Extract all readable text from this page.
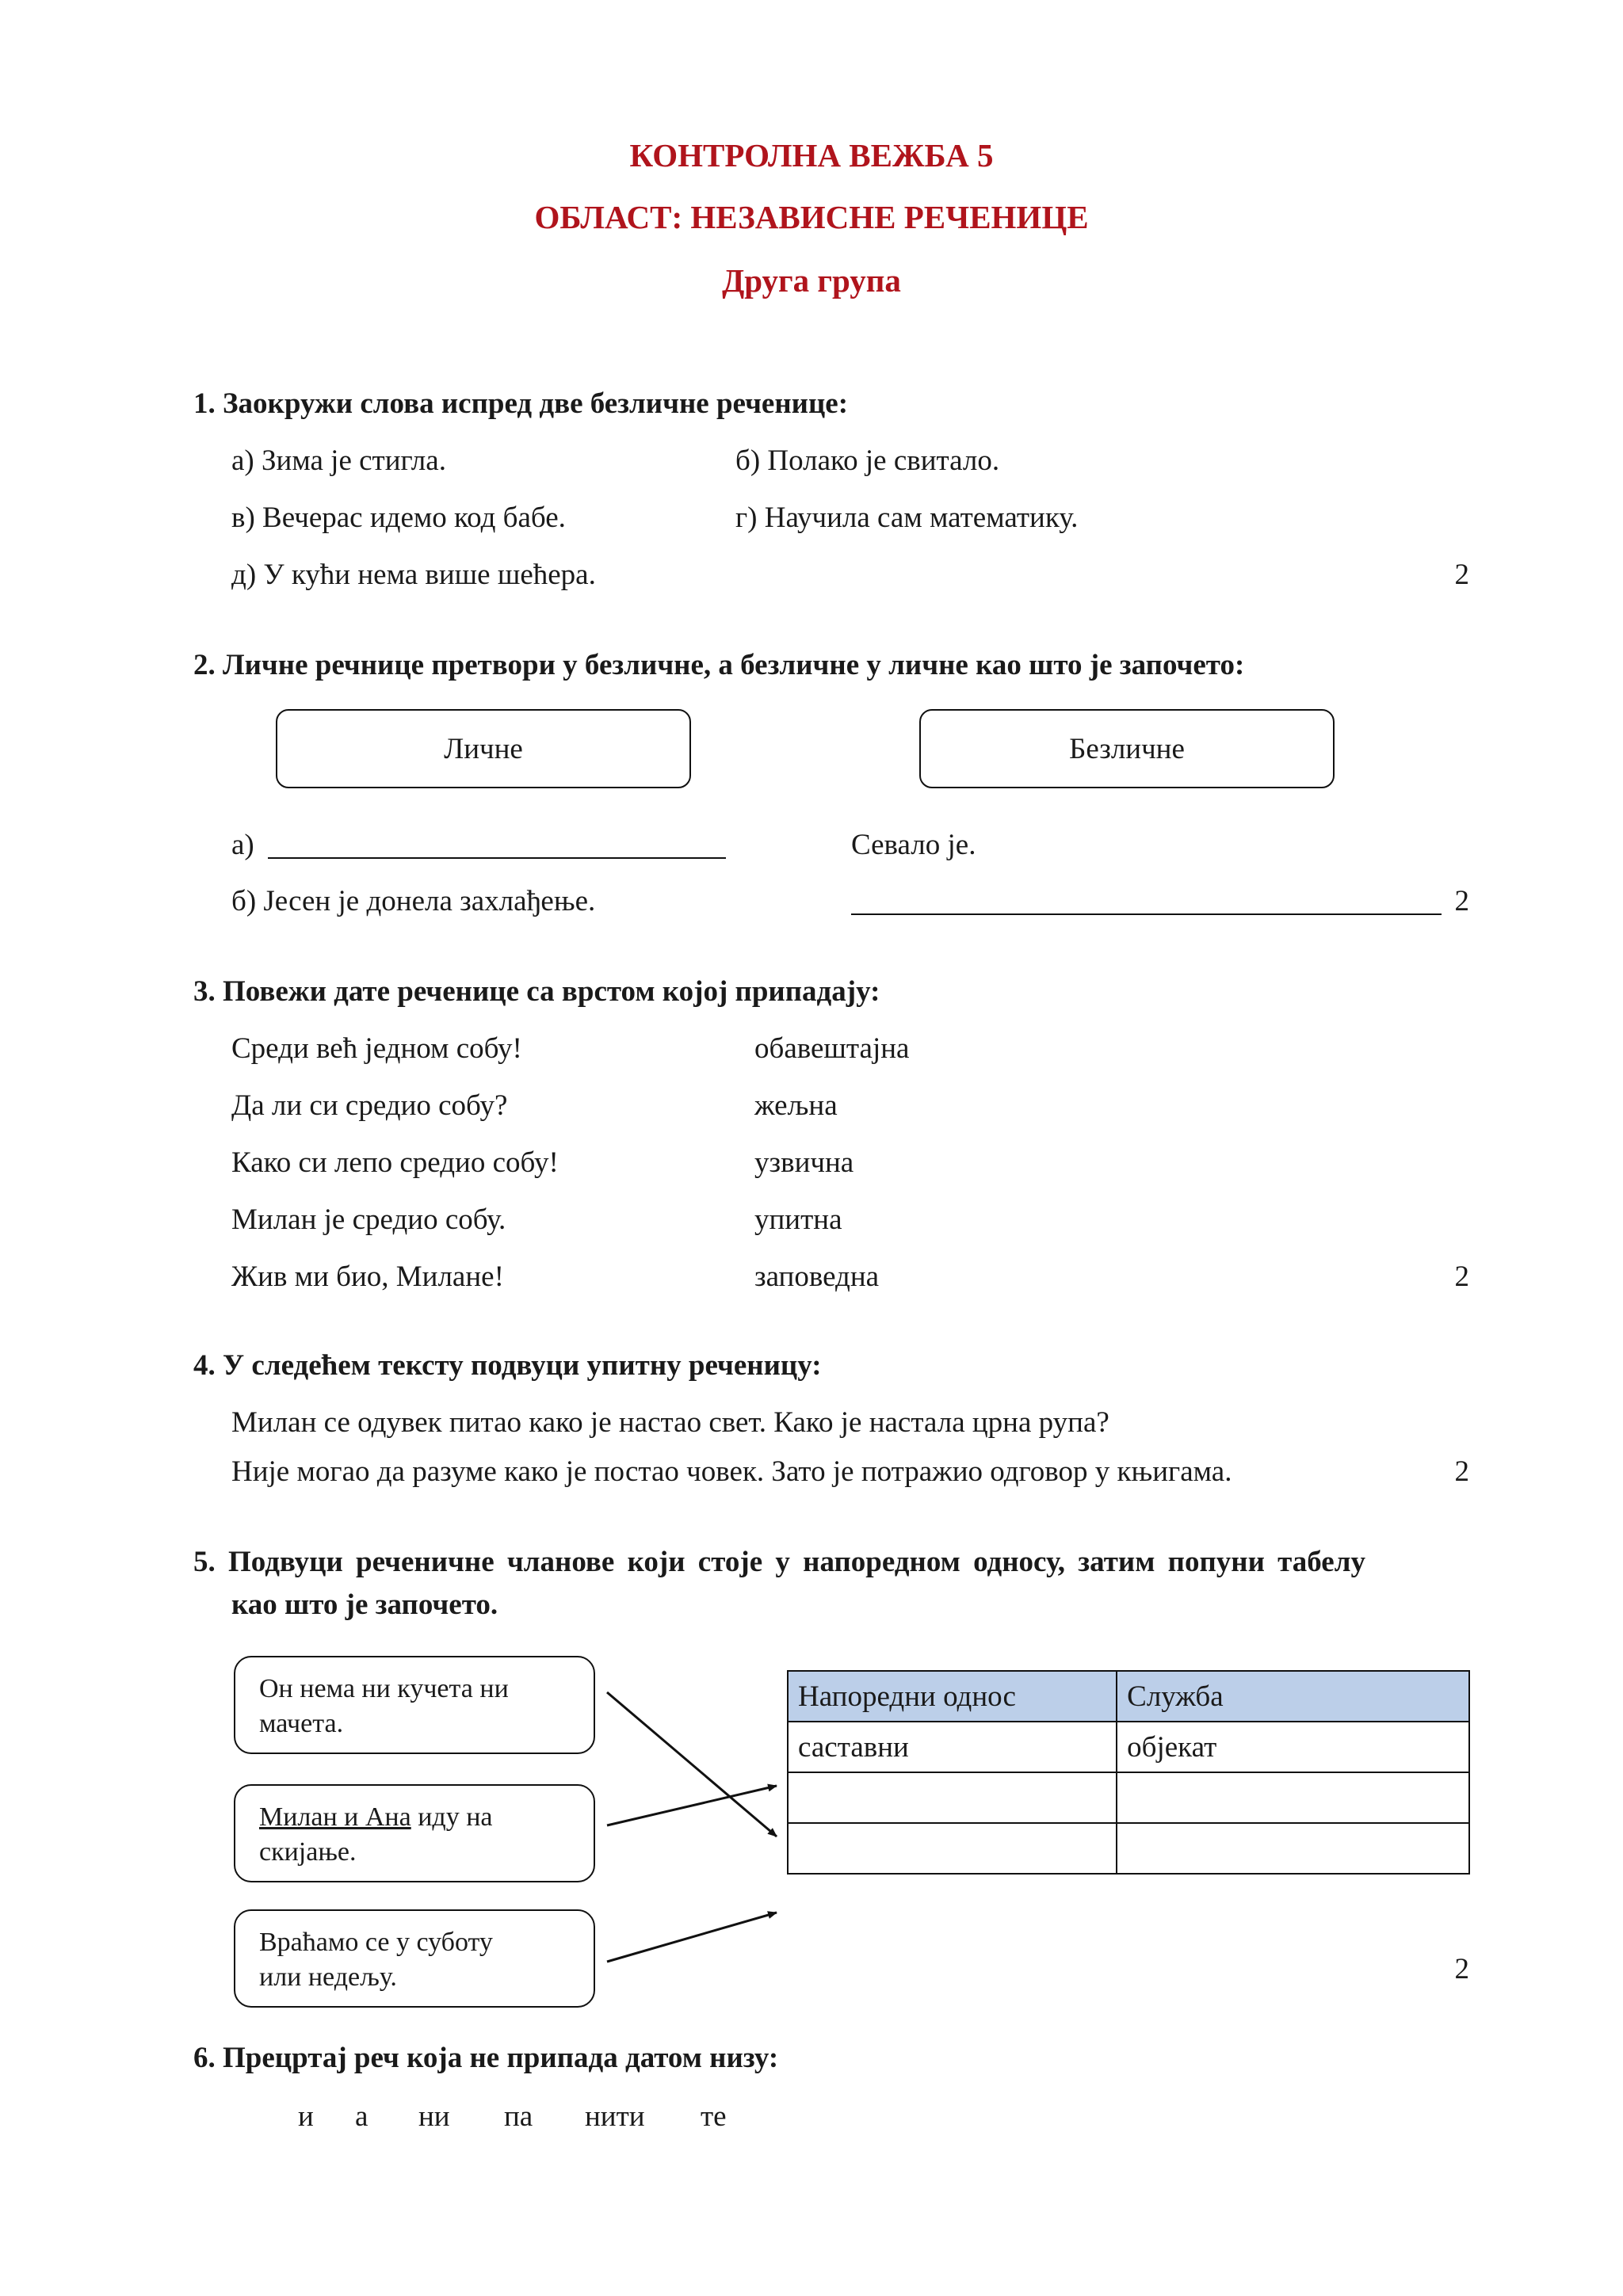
КОНТРОЛНА ВЕЖБА 5
ОБЛАСТ: НЕЗАВИСНЕ РЕЧЕНИЦЕ
Друга група
1. Заокружи слова испред две безличне реченице:
а) Зима је стигла.	б) Полако је свитало.
в) Вечерас идемо код бабе.	г) Научила сам математику.
д) У кући нема више шећера.	2
2. Личне речнице претвори у безличне, а безличне у личне као што је започето:
Личне	Безличне
а)	Севало је.
б) Јесен је донела захлађење.	2
3. Повежи дате реченице са врстом којој припадају:
Среди већ једном собу!	обавештајна
Да ли си средио собу?	жељна
Како си лепо средио собу!	узвична
Милан је средио собу.	упитна
Жив ми био, Милане!	заповедна	2
4. У следећем тексту подвуци упитну реченицу:
Милан се одувек питао како је настао свет. Како је настала црна рупа?
Није могао да разуме како је постао човек. Зато је потражио одговор у књигама.	2
5. Подвуци реченичне чланове који стоје у напоредном односу, затим попуни табелу
као што је започето.
Он нема ни кучета ни
мачета.
Милан и Ана иду на
скијање.
Враћамо се у суботу
или недељу.
Напоредни однос	Служба
саставни	објекат

2
6. Прецртај реч која не припада датом низу:
и а ни па нити те
